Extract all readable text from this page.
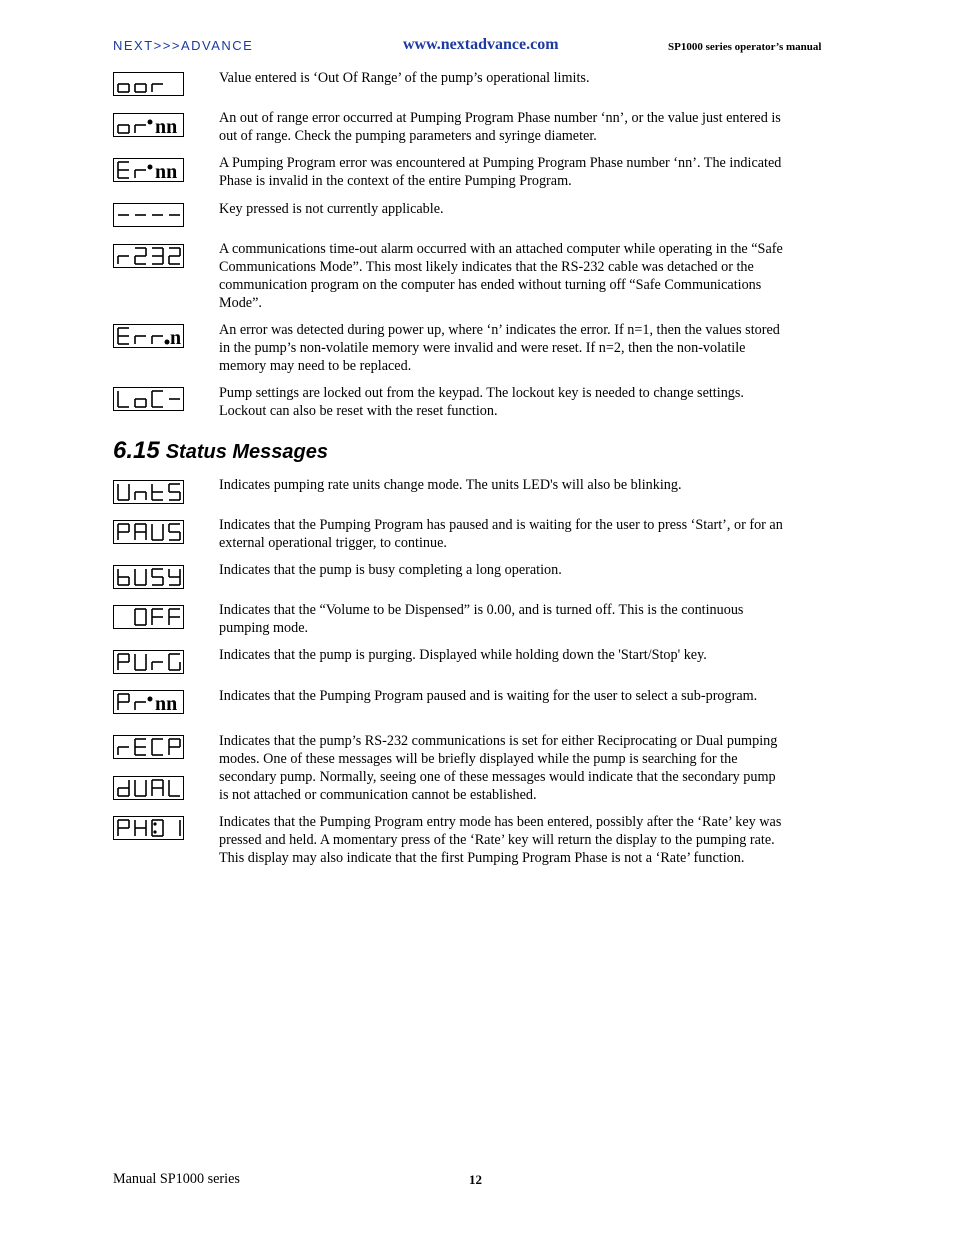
NEXT>>>ADVANCE	www.nextadvance.com	SP1000 series operator’s manual
Value entered is ‘Out Of Range’ of the pump’s operational limits.
nn	An out of range error occurred at Pumping Program Phase number ‘nn’, or the value just entered is out of range. Check the pumping parameters and syringe diameter.
nn	A Pumping Program error was encountered at Pumping Program Phase number ‘nn’. The indicated Phase is invalid in the context of the entire Pumping Program.
Key pressed is not currently applicable.
A communications time-out alarm occurred with an attached computer while operating in the “Safe Communications Mode”. This most likely indicates that the RS-232 cable was detached or the communication program on the computer has ended without turning off “Safe Communications Mode”.
n	An error was detected during power up, where ‘n’ indicates the error. If n=1, then the values stored in the pump’s non-volatile memory were invalid and were reset. If n=2, then the non-volatile memory may need to be replaced.
Pump settings are locked out from the keypad. The lockout key is needed to change settings. Lockout can also be reset with the reset function.
6.15 Status Messages
Indicates pumping rate units change mode. The units LED's will also be blinking.
Indicates that the Pumping Program has paused and is waiting for the user to press ‘Start’, or for an external operational trigger, to continue.
Indicates that the pump is busy completing a long operation.
Indicates that the “Volume to be Dispensed” is 0.00, and is turned off. This is the continuous pumping mode.
Indicates that the pump is purging. Displayed while holding down the 'Start/Stop' key.
nn	Indicates that the Pumping Program paused and is waiting for the user to select a sub-program.
Indicates that the pump’s RS-232 communications is set for either Reciprocating or Dual pumping modes. One of these messages will be briefly displayed while the pump is searching for the secondary pump. Normally, seeing one of these messages would indicate that the secondary pump is not attached or communication cannot be established.
Indicates that the Pumping Program entry mode has been entered, possibly after the ‘Rate’ key was pressed and held. A momentary press of the ‘Rate’ key will return the display to the pumping rate. This display may also indicate that the first Pumping Program Phase is not a ‘Rate’ function.
Manual SP1000 series	12
